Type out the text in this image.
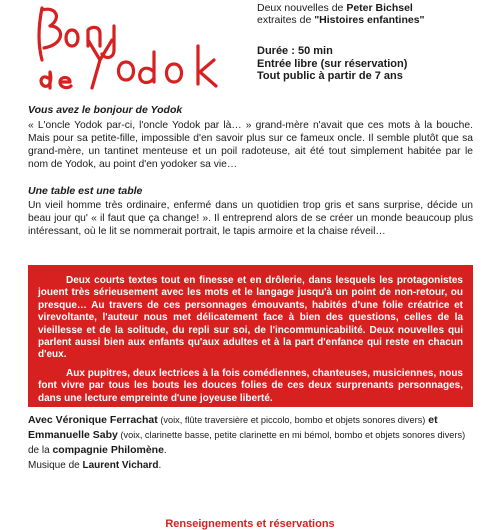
Deux nouvelles de Peter Bichsel
extraites de "Histoires enfantines"
Durée : 50 min
Entrée libre (sur réservation)
Tout public à partir de 7 ans
Vous avez le bonjour de Yodok
« L'oncle Yodok par-ci, l'oncle Yodok par là… » grand-mère n'avait que ces mots à la bouche. Mais pour sa petite-fille, impossible d'en savoir plus sur ce fameux oncle. Il semble plutôt que sa grand-mère, un tantinet menteuse et un poil radoteuse, ait été tout simplement habitée par le nom de Yodok, au point d'en yodoker sa vie…
Une table est une table
Un vieil homme très ordinaire, enfermé dans un quotidien trop gris et sans surprise, décide un beau jour qu' « il faut que ça change! ». Il entreprend alors de se créer un monde beaucoup plus intéressant, où le lit se nommerait portrait, le tapis armoire et la chaise réveil…

Deux courts textes tout en finesse et en drôlerie, dans lesquels les protagonistes jouent très sérieusement avec les mots et le langage jusqu'à un point de non-retour, ou presque… Au travers de ces personnages émouvants, habités d'une folie créatrice et virevoltante, l'auteur nous met délicatement face à bien des questions, celles de la vieillesse et de la solitude, du repli sur soi, de l'incommunicabilité. Deux nouvelles qui parlent aussi bien aux enfants qu'aux adultes et à la part d'enfance qui reste en chacun d'eux.

Aux pupitres, deux lectrices à la fois comédiennes, chanteuses, musiciennes, nous font vivre par tous les bouts les douces folies de ces deux surprenants personnages, dans une lecture empreinte d'une joyeuse liberté.

Avec Véronique Ferrachat (voix, flûte traversière et piccolo, bombo et objets sonores divers) et Emmanuelle Saby (voix, clarinette basse, petite clarinette en mi bémol, bombo et objets sonores divers) de la compagnie Philomène.
Musique de Laurent Vichard.
Renseignements et réservations
